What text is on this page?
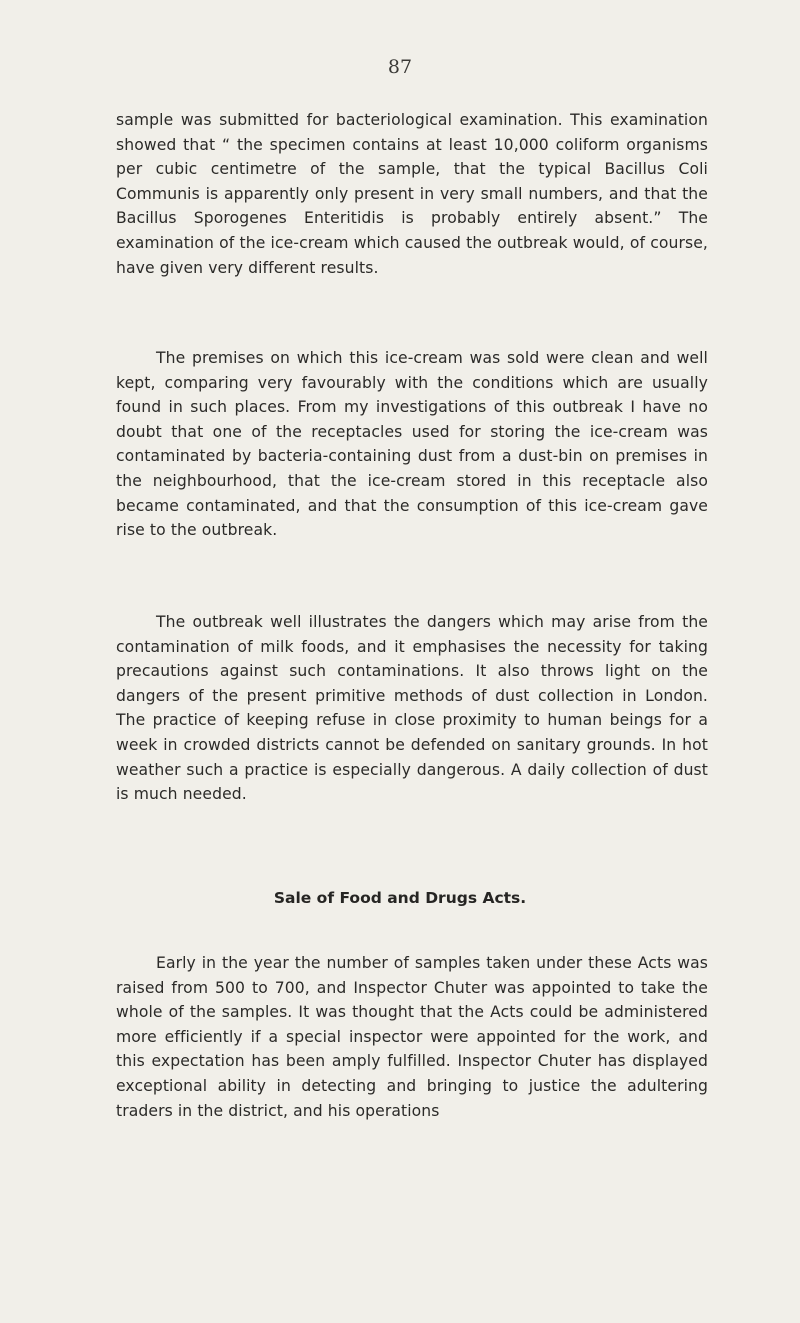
87

sample was submitted for bacteriological examination. This examination showed that “ the specimen contains at least 10,000 coliform organisms per cubic centimetre of the sample, that the typical Bacillus Coli Communis is apparently only present in very small numbers, and that the Bacillus Sporogenes Enteritidis is probably entirely absent.” The examination of the ice-cream which caused the outbreak would, of course, have given very different results.

The premises on which this ice-cream was sold were clean and well kept, comparing very favourably with the conditions which are usually found in such places. From my investigations of this outbreak I have no doubt that one of the receptacles used for storing the ice-cream was contaminated by bacteria-containing dust from a dust-bin on premises in the neighbourhood, that the ice-cream stored in this receptacle also became contaminated, and that the consumption of this ice-cream gave rise to the outbreak.

The outbreak well illustrates the dangers which may arise from the contamination of milk foods, and it emphasises the necessity for taking precautions against such contaminations. It also throws light on the dangers of the present primitive methods of dust collection in London. The practice of keeping refuse in close proximity to human beings for a week in crowded districts cannot be defended on sanitary grounds. In hot weather such a practice is especially dangerous. A daily collection of dust is much needed.

Sale of Food and Drugs Acts.

Early in the year the number of samples taken under these Acts was raised from 500 to 700, and Inspector Chuter was appointed to take the whole of the samples. It was thought that the Acts could be administered more efficiently if a special inspector were appointed for the work, and this expectation has been amply fulfilled. Inspector Chuter has displayed exceptional ability in detecting and bringing to justice the adultering traders in the district, and his operations
